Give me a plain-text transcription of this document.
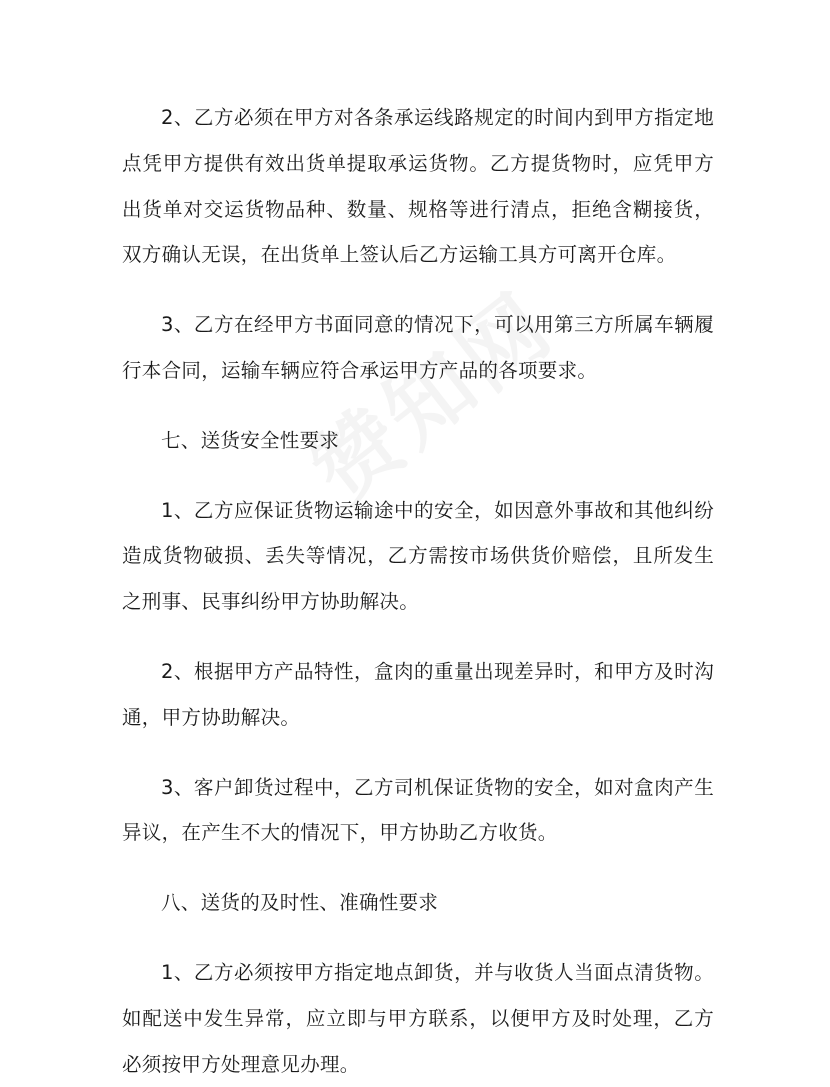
2、乙方必须在甲方对各条承运线路规定的时间内到甲方指定地点凭甲方提供有效出货单提取承运货物。乙方提货物时，应凭甲方出货单对交运货物品种、数量、规格等进行清点，拒绝含糊接货，双方确认无误，在出货单上签认后乙方运输工具方可离开仓库。

3、乙方在经甲方书面同意的情况下，可以用第三方所属车辆履行本合同，运输车辆应符合承运甲方产品的各项要求。

七、送货安全性要求

1、乙方应保证货物运输途中的安全，如因意外事故和其他纠纷造成货物破损、丢失等情况，乙方需按市场供货价赔偿，且所发生之刑事、民事纠纷甲方协助解决。

2、根据甲方产品特性，盒肉的重量出现差异时，和甲方及时沟通，甲方协助解决。

3、客户卸货过程中，乙方司机保证货物的安全，如对盒肉产生异议，在产生不大的情况下，甲方协助乙方收货。

八、送货的及时性、准确性要求

1、乙方必须按甲方指定地点卸货，并与收货人当面点清货物。如配送中发生异常，应立即与甲方联系，以便甲方及时处理，乙方必须按甲方处理意见办理。
